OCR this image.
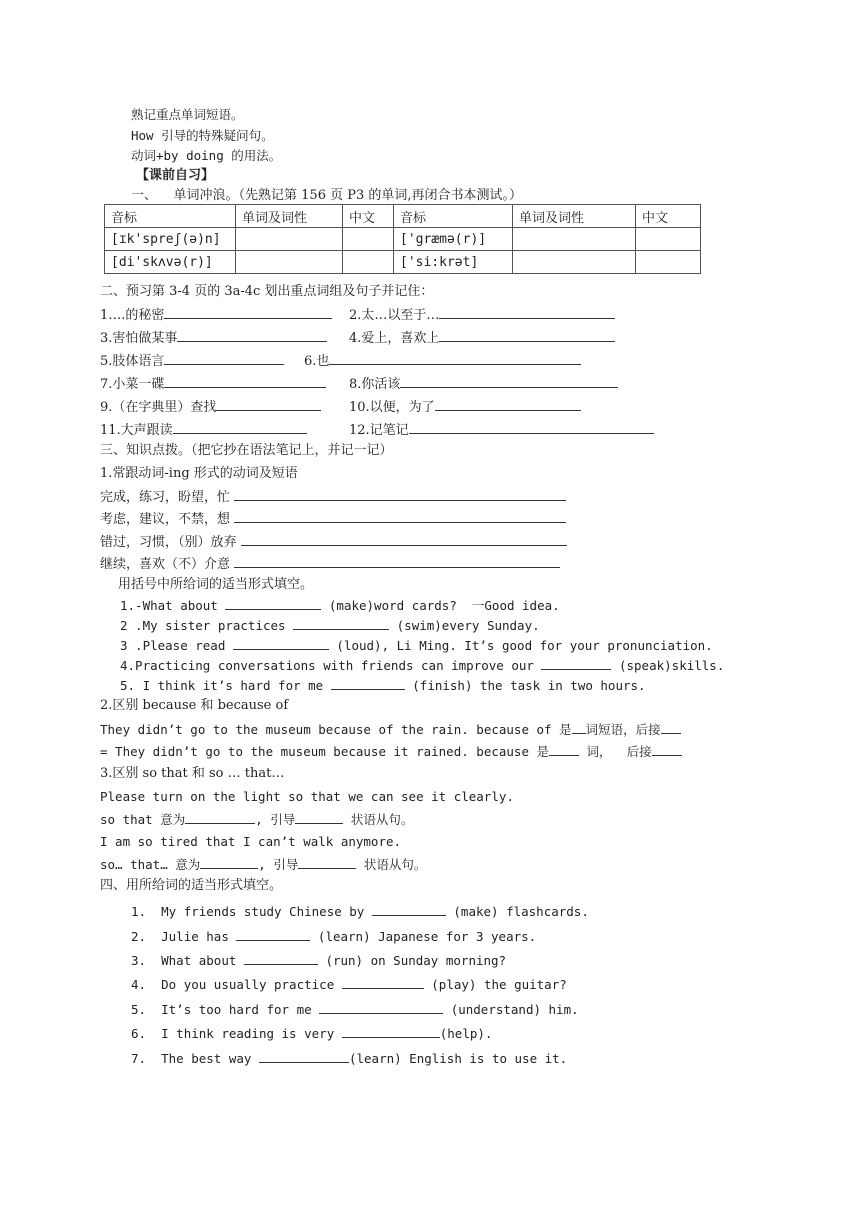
熟记重点单词短语。
How 引导的特殊疑问句。
动词+by doing 的用法。
【课前自习】
一、    单词冲浪。（先熟记第 156 页 P3 的单词,再闭合书本测试。）
音标	单词及词性	中文	音标	单词及词性	中文
[ɪk'spreʃ(ə)n]			['græmə(r)]		
[di'skʌvə(r)]			['si:krət]		
二、预习第 3-4 页的 3a-4c 划出重点词组及句子并记住：
1….的秘密	2.太…以至于…
3.害怕做某事	4.爱上，喜欢上
5.肢体语言	6.也
7.小菜一碟	8.你活该
9.（在字典里）查找	10.以便，为了
11.大声跟读	12.记笔记
三、知识点拨。（把它抄在语法笔记上，并记一记）
1.常跟动词-ing 形式的动词及短语
完成，练习，盼望，忙
考虑，建议，不禁，想
错过，习惯，（别）放弃
继续，喜欢（不）介意
用括号中所给词的适当形式填空。
1.-What about	(make)word cards?  一Good idea.
2 .My sister practices	(swim)every Sunday.
3 .Please read	(loud), Li Ming. It’s good for your pronunciation.
4.Practicing conversations with friends can improve our	(speak)skills.
5. I think it’s hard for me	(finish) the task in two hours.
2.区别 because 和 because of
They didn’t go to the museum because of the rain. because of 是 词短语，后接
= They didn’t go to the museum because it rained. because 是	词， 后接
3.区别 so that 和 so … that…
Please turn on the light so that we can see it clearly.
so that 意为	, 引导	状语从句。
I am so tired that I can’t walk anymore.
so… that… 意为	, 引导	状语从句。
四、用所给词的适当形式填空。
1. My friends study Chinese by	(make) flashcards.
2. Julie has	(learn) Japanese for 3 years.
3. What about	(run) on Sunday morning?
4. Do you usually practice	(play) the guitar?
5. It’s too hard for me	(understand) him.
6. I think reading is very	(help).
7. The best way	(learn) English is to use it.
